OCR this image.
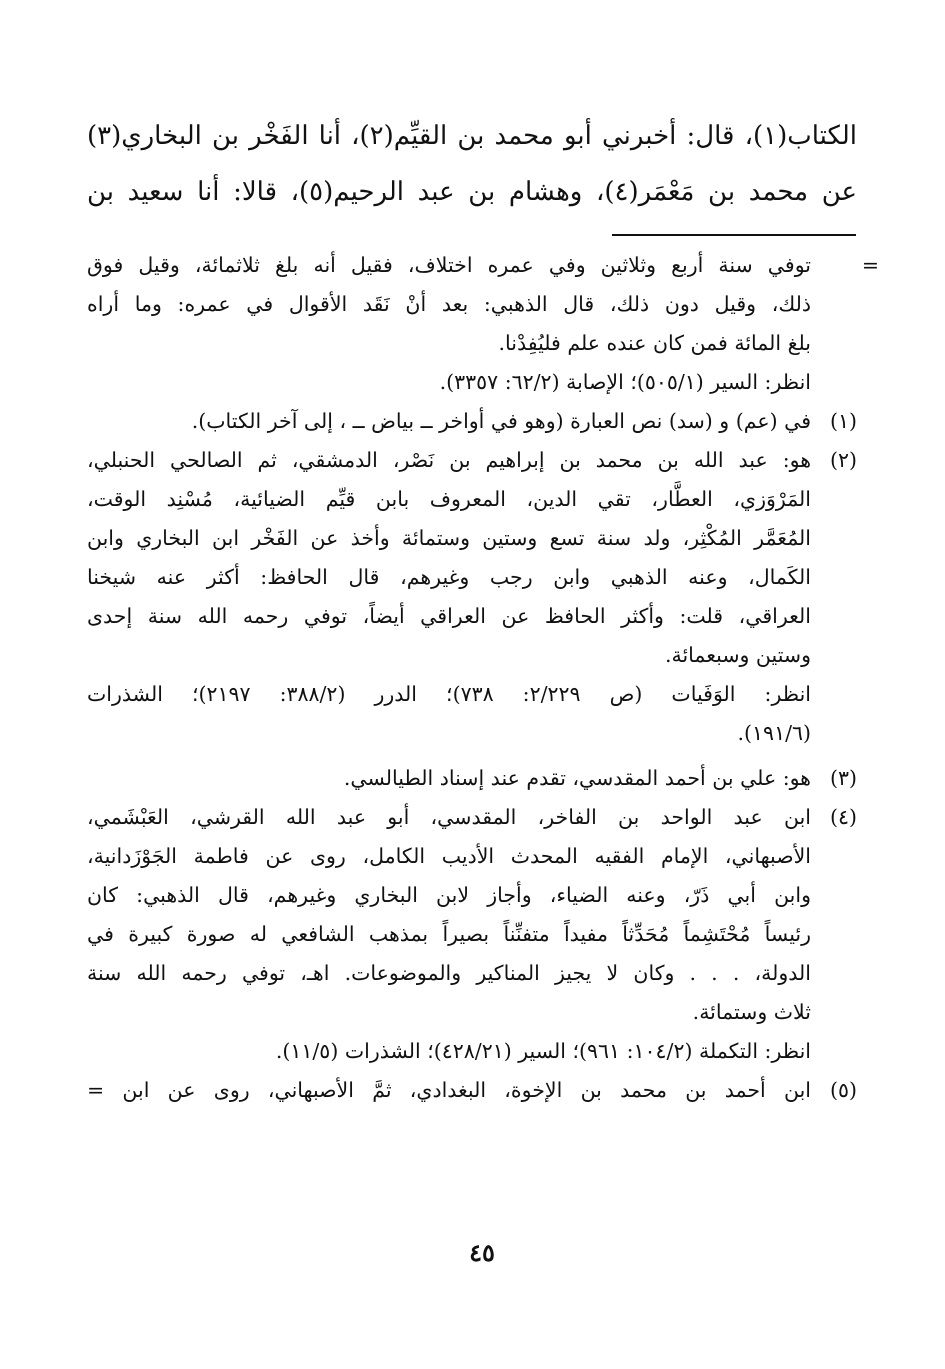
الكتاب(١)، قال: أخبرني أبو محمد بن القيِّم(٢)، أنا الفَخْر بن البخاري(٣)
عن محمد بن مَعْمَر(٤)، وهشام بن عبد الرحيم(٥)، قالا: أنا سعيد بن
=
توفي سنة أربع وثلاثين وفي عمره اختلاف، فقيل أنه بلغ ثلاثمائة، وقيل فوق
ذلك، وقيل دون ذلك، قال الذهبي: بعد أنْ نَقَد الأقوال في عمره: وما أراه
بلغ المائة فمن كان عنده علم فليُفِدْنا.
انظر: السير (٥٠٥/١)؛ الإصابة (٦٢/٢: ٣٣٥٧).
(١)
في (عم) و (سد) نص العبارة (وهو في أواخر ــ بياض ــ ، إلى آخر الكتاب).
(٢)
هو: عبد الله بن محمد بن إبراهيم بن نَصْر، الدمشقي، ثم الصالحي الحنبلي،
المَرْوَزي، العطَّار، تقي الدين، المعروف بابن قيِّم الضيائية، مُسْنِد الوقت،
المُعَمَّر المُكْثِر، ولد سنة تسع وستين وستمائة وأخذ عن الفَخْر ابن البخاري وابن
الكَمال، وعنه الذهبي وابن رجب وغيرهم، قال الحافظ: أكثر عنه شيخنا
العراقي، قلت: وأكثر الحافظ عن العراقي أيضاً، توفي رحمه الله سنة إحدى
وستين وسبعمائة.
انظر: الوَفَيات (ص ٢/٢٢٩: ٧٣٨)؛ الدرر (٣٨٨/٢: ٢١٩٧)؛ الشذرات
(١٩١/٦).
(٣)
هو: علي بن أحمد المقدسي، تقدم عند إسناد الطيالسي.
(٤)
ابن عبد الواحد بن الفاخر، المقدسي، أبو عبد الله القرشي، العَبْشَمي،
الأصبهاني، الإمام الفقيه المحدث الأديب الكامل، روى عن فاطمة الجَوْزَدانية،
وابن أبي ذَرّ، وعنه الضياء، وأجاز لابن البخاري وغيرهم، قال الذهبي: كان
رئيساً مُحْتَشِماً مُحَدِّثاً مفيداً متفنِّناً بصيراً بمذهب الشافعي له صورة كبيرة في
الدولة، . . . وكان لا يجيز المناكير والموضوعات. اهـ، توفي رحمه الله سنة
ثلاث وستمائة.
انظر: التكملة (١٠٤/٢: ٩٦١)؛ السير (٤٢٨/٢١)؛ الشذرات (١١/٥).
(٥)
ابن أحمد بن محمد بن الإخوة، البغدادي، ثمَّ الأصبهاني، روى عن ابن =
٤٥
